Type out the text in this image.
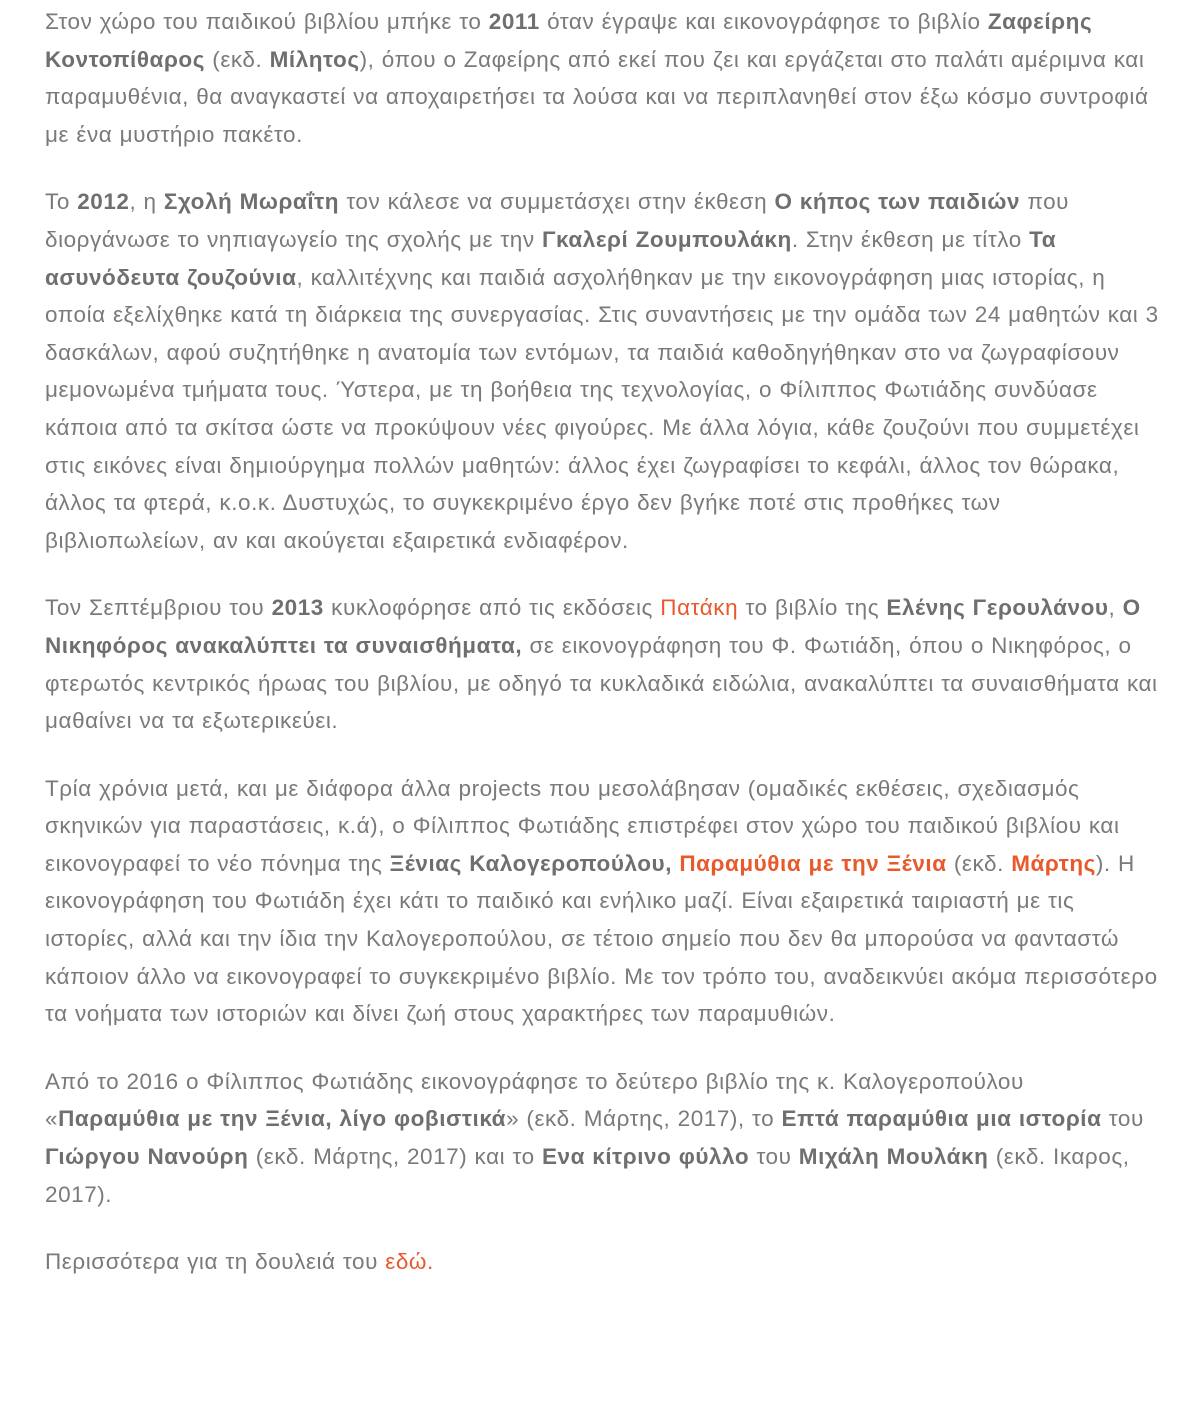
Στον χώρο του παιδικού βιβλίου μπήκε το 2011 όταν έγραψε και εικονογράφησε το βιβλίο Ζαφείρης Κοντοπίθαρος (εκδ. Μίλητος), όπου ο Ζαφείρης από εκεί που ζει και εργάζεται στο παλάτι αμέριμνα και παραμυθένια, θα αναγκαστεί να αποχαιρετήσει τα λούσα και να περιπλανηθεί στον έξω κόσμο συντροφιά με ένα μυστήριο πακέτο.

Το 2012, η Σχολή Μωραΐτη τον κάλεσε να συμμετάσχει στην έκθεση Ο κήπος των παιδιών που διοργάνωσε το νηπιαγωγείο της σχολής με την Γκαλερί Ζουμπουλάκη. Στην έκθεση με τίτλο Τα ασυνόδευτα ζουζούνια, καλλιτέχνης και παιδιά ασχολήθηκαν με την εικονογράφηση μιας ιστορίας, η οποία εξελίχθηκε κατά τη διάρκεια της συνεργασίας. Στις συναντήσεις με την ομάδα των 24 μαθητών και 3 δασκάλων, αφού συζητήθηκε η ανατομία των εντόμων, τα παιδιά καθοδηγήθηκαν στο να ζωγραφίσουν μεμονωμένα τμήματα τους. Ύστερα, με τη βοήθεια της τεχνολογίας, ο Φίλιππος Φωτιάδης συνδύασε κάποια από τα σκίτσα ώστε να προκύψουν νέες φιγούρες. Με άλλα λόγια, κάθε ζουζούνι που συμμετέχει στις εικόνες είναι δημιούργημα πολλών μαθητών: άλλος έχει ζωγραφίσει το κεφάλι, άλλος τον θώρακα, άλλος τα φτερά, κ.ο.κ. Δυστυχώς, το συγκεκριμένο έργο δεν βγήκε ποτέ στις προθήκες των βιβλιοπωλείων, αν και ακούγεται εξαιρετικά ενδιαφέρον.

Τον Σεπτέμβριου του 2013 κυκλοφόρησε από τις εκδόσεις Πατάκη το βιβλίο της Ελένης Γερουλάνου, Ο Νικηφόρος ανακαλύπτει τα συναισθήματα, σε εικονογράφηση του Φ. Φωτιάδη, όπου ο Νικηφόρος, ο φτερωτός κεντρικός ήρωας του βιβλίου, με οδηγό τα κυκλαδικά ειδώλια, ανακαλύπτει τα συναισθήματα και μαθαίνει να τα εξωτερικεύει.

Τρία χρόνια μετά, και με διάφορα άλλα projects που μεσολάβησαν (ομαδικές εκθέσεις, σχεδιασμός σκηνικών για παραστάσεις, κ.ά), ο Φίλιππος Φωτιάδης επιστρέφει στον χώρο του παιδικού βιβλίου και εικονογραφεί το νέο πόνημα της Ξένιας Καλογεροπούλου, Παραμύθια με την Ξένια (εκδ. Μάρτης). Η εικονογράφηση του Φωτιάδη έχει κάτι το παιδικό και ενήλικο μαζί. Είναι εξαιρετικά ταιριαστή με τις ιστορίες, αλλά και την ίδια την Καλογεροπούλου, σε τέτοιο σημείο που δεν θα μπορούσα να φανταστώ κάποιον άλλο να εικονογραφεί το συγκεκριμένο βιβλίο. Με τον τρόπο του, αναδεικνύει ακόμα περισσότερο τα νοήματα των ιστοριών και δίνει ζωή στους χαρακτήρες των παραμυθιών.

Από το 2016 ο Φίλιππος Φωτιάδης εικονογράφησε το δεύτερο βιβλίο της κ. Καλογεροπούλου «Παραμύθια με την Ξένια, λίγο φοβιστικά» (εκδ. Μάρτης, 2017), το Επτά παραμύθια μια ιστορία του Γιώργου Νανούρη (εκδ. Μάρτης, 2017) και το Ενα κίτρινο φύλλο του Μιχάλη Μουλάκη (εκδ. Ικαρος, 2017).

Περισσότερα για τη δουλειά του εδώ.
